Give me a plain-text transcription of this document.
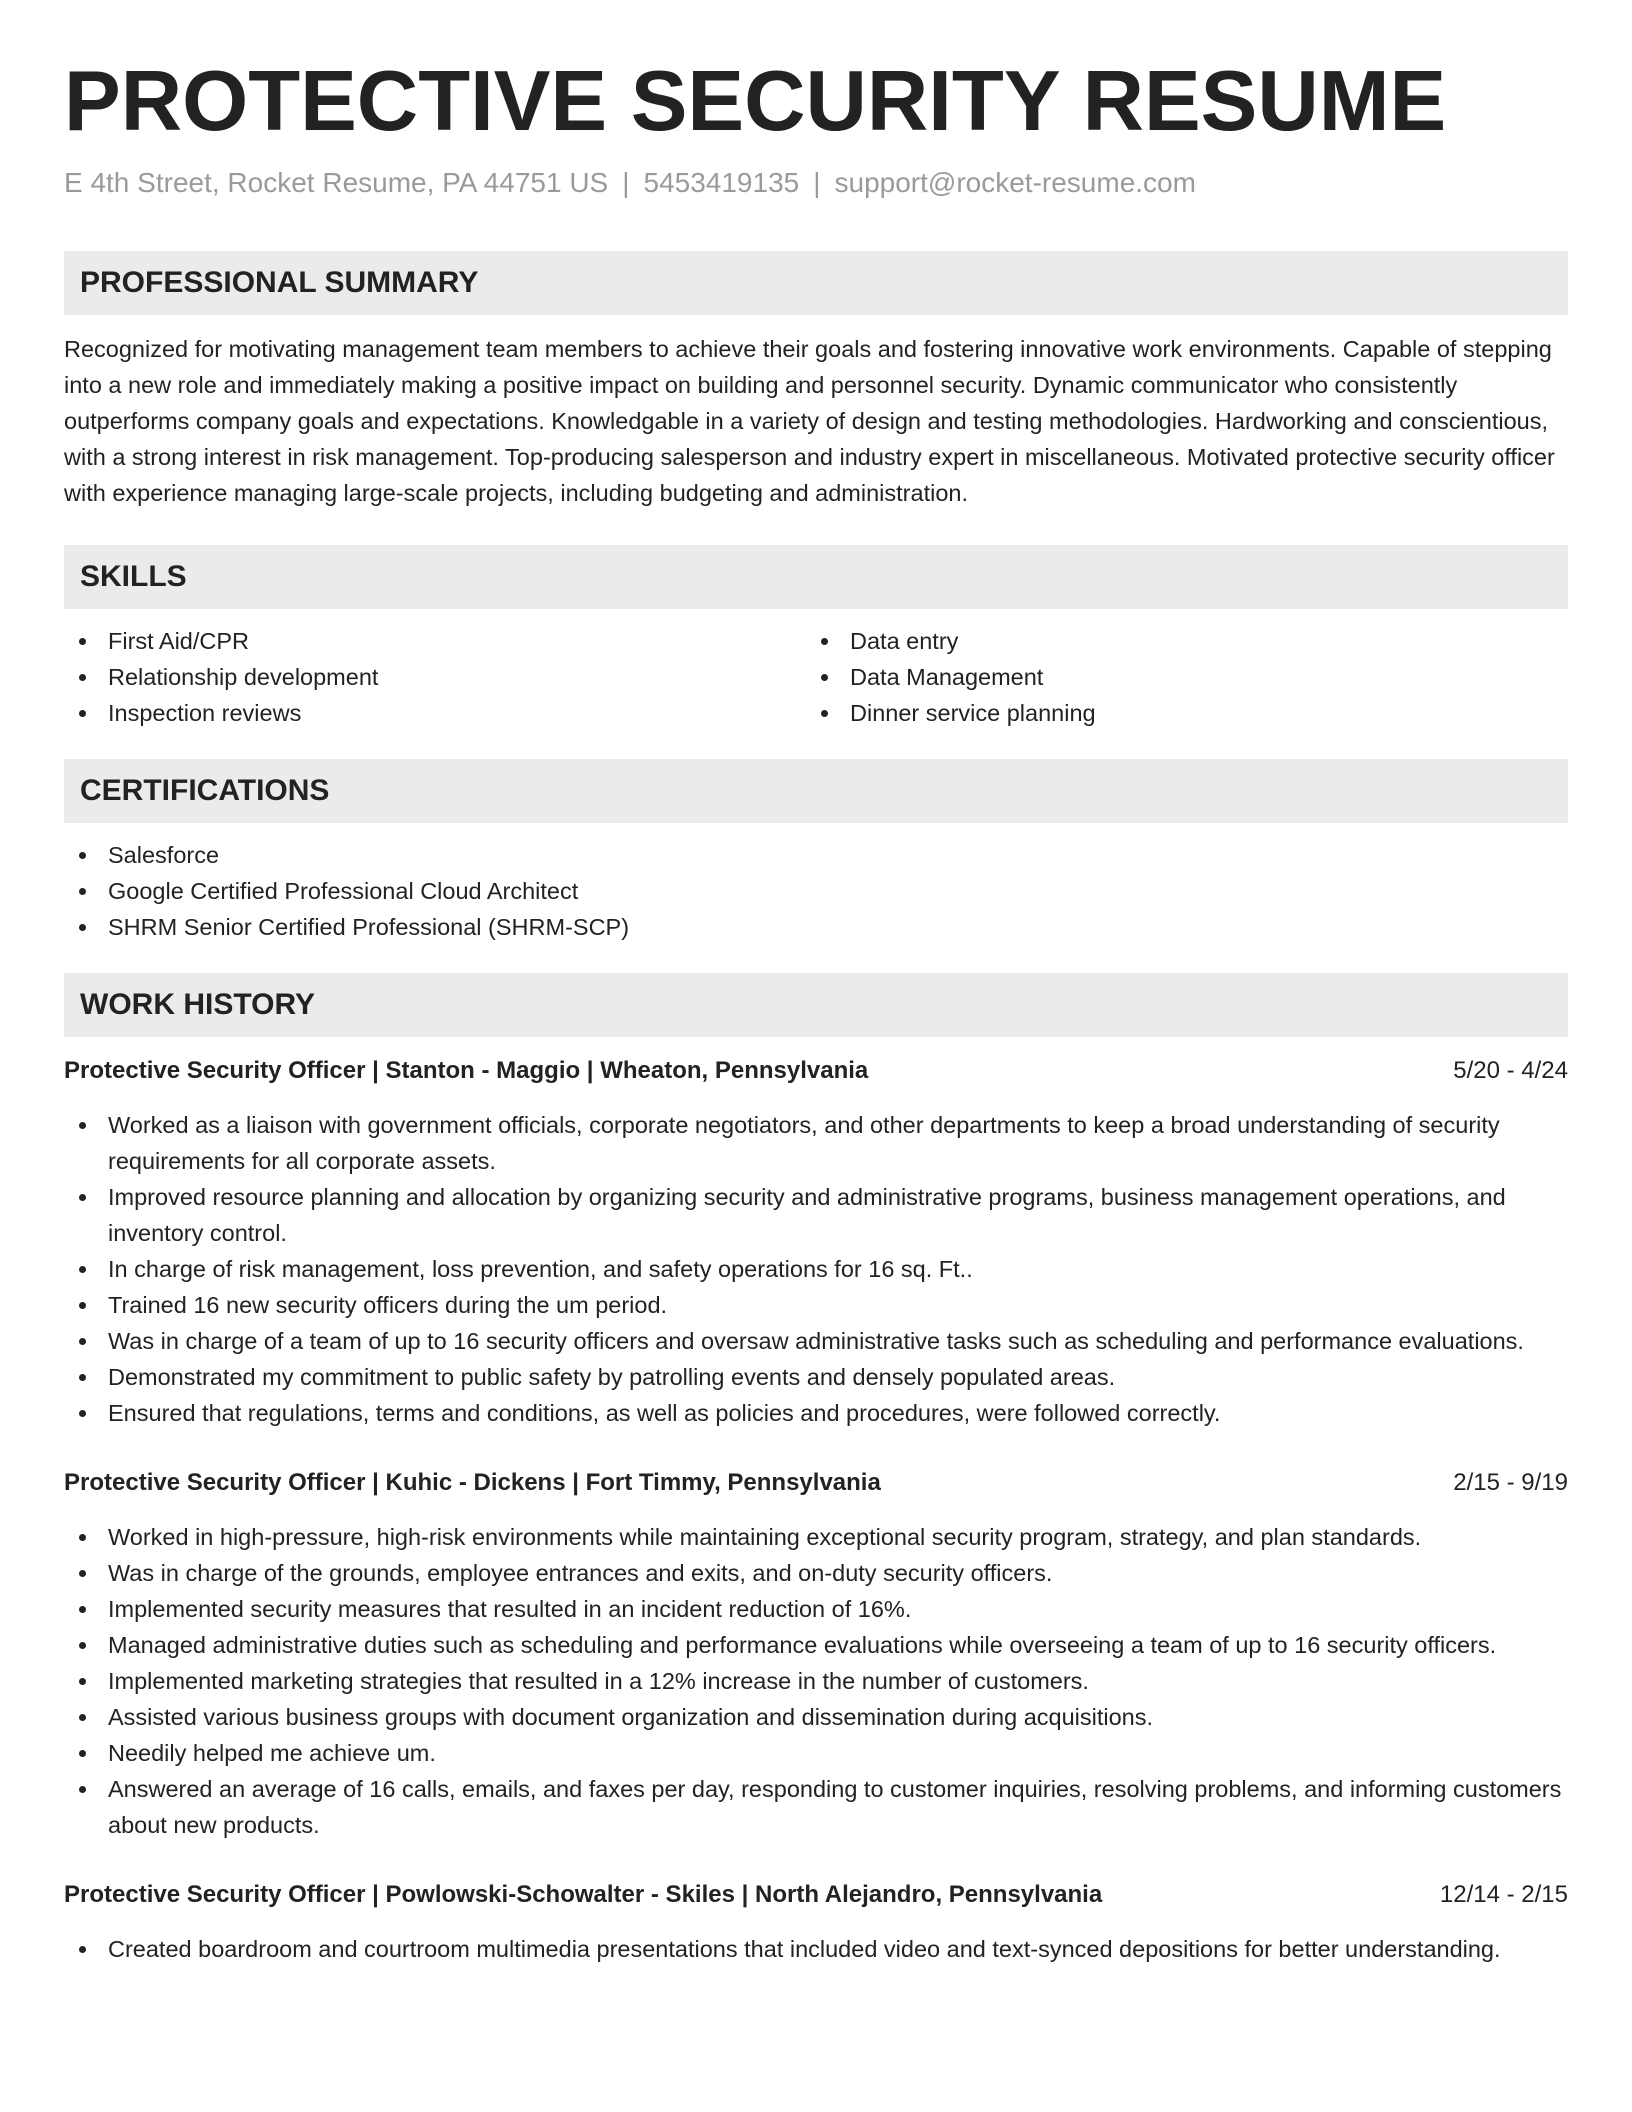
PROTECTIVE SECURITY RESUME
E 4th Street, Rocket Resume, PA 44751 US | 5453419135 | support@rocket-resume.com
PROFESSIONAL SUMMARY

Recognized for motivating management team members to achieve their goals and fostering innovative work environments. Capable of stepping into a new role and immediately making a positive impact on building and personnel security. Dynamic communicator who consistently outperforms company goals and expectations. Knowledgable in a variety of design and testing methodologies. Hardworking and conscientious, with a strong interest in risk management. Top-producing salesperson and industry expert in miscellaneous. Motivated protective security officer with experience managing large-scale projects, including budgeting and administration.

SKILLS
First Aid/CPR
Relationship development
Inspection reviews
Data entry
Data Management
Dinner service planning
CERTIFICATIONS
Salesforce
Google Certified Professional Cloud Architect
SHRM Senior Certified Professional (SHRM-SCP)
WORK HISTORY
Protective Security Officer | Stanton - Maggio | Wheaton, Pennsylvania	5/20 - 4/24
Worked as a liaison with government officials, corporate negotiators, and other departments to keep a broad understanding of security requirements for all corporate assets.
Improved resource planning and allocation by organizing security and administrative programs, business management operations, and inventory control.
In charge of risk management, loss prevention, and safety operations for 16 sq. Ft..
Trained 16 new security officers during the um period.
Was in charge of a team of up to 16 security officers and oversaw administrative tasks such as scheduling and performance evaluations.
Demonstrated my commitment to public safety by patrolling events and densely populated areas.
Ensured that regulations, terms and conditions, as well as policies and procedures, were followed correctly.
Protective Security Officer | Kuhic - Dickens | Fort Timmy, Pennsylvania	2/15 - 9/19
Worked in high-pressure, high-risk environments while maintaining exceptional security program, strategy, and plan standards.
Was in charge of the grounds, employee entrances and exits, and on-duty security officers.
Implemented security measures that resulted in an incident reduction of 16%.
Managed administrative duties such as scheduling and performance evaluations while overseeing a team of up to 16 security officers.
Implemented marketing strategies that resulted in a 12% increase in the number of customers.
Assisted various business groups with document organization and dissemination during acquisitions.
Needily helped me achieve um.
Answered an average of 16 calls, emails, and faxes per day, responding to customer inquiries, resolving problems, and informing customers about new products.
Protective Security Officer | Powlowski-Schowalter - Skiles | North Alejandro, Pennsylvania	12/14 - 2/15
Created boardroom and courtroom multimedia presentations that included video and text-synced depositions for better understanding.
